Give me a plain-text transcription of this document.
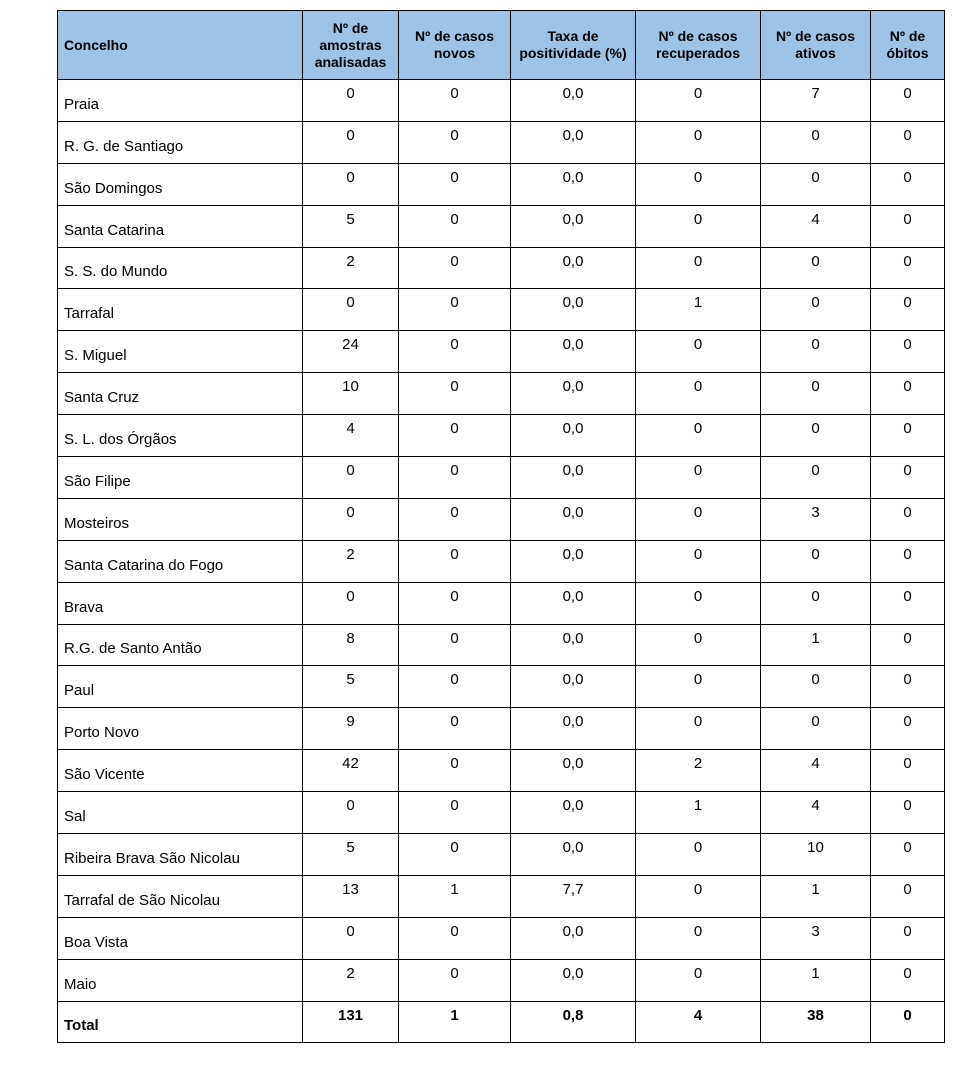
Concelho	Nº de amostras analisadas	Nº de casos novos	Taxa de positividade (%)	Nº de casos recuperados	Nº de casos ativos	Nº de óbitos
Praia	0	0	0,0	0	7	0
R. G. de Santiago	0	0	0,0	0	0	0
São Domingos	0	0	0,0	0	0	0
Santa Catarina	5	0	0,0	0	4	0
S. S. do Mundo	2	0	0,0	0	0	0
Tarrafal	0	0	0,0	1	0	0
S. Miguel	24	0	0,0	0	0	0
Santa Cruz	10	0	0,0	0	0	0
S. L. dos Órgãos	4	0	0,0	0	0	0
São Filipe	0	0	0,0	0	0	0
Mosteiros	0	0	0,0	0	3	0
Santa Catarina do Fogo	2	0	0,0	0	0	0
Brava	0	0	0,0	0	0	0
R.G. de Santo Antão	8	0	0,0	0	1	0
Paul	5	0	0,0	0	0	0
Porto Novo	9	0	0,0	0	0	0
São Vicente	42	0	0,0	2	4	0
Sal	0	0	0,0	1	4	0
Ribeira Brava São Nicolau	5	0	0,0	0	10	0
Tarrafal de São Nicolau	13	1	7,7	0	1	0
Boa Vista	0	0	0,0	0	3	0
Maio	2	0	0,0	0	1	0
Total	131	1	0,8	4	38	0
